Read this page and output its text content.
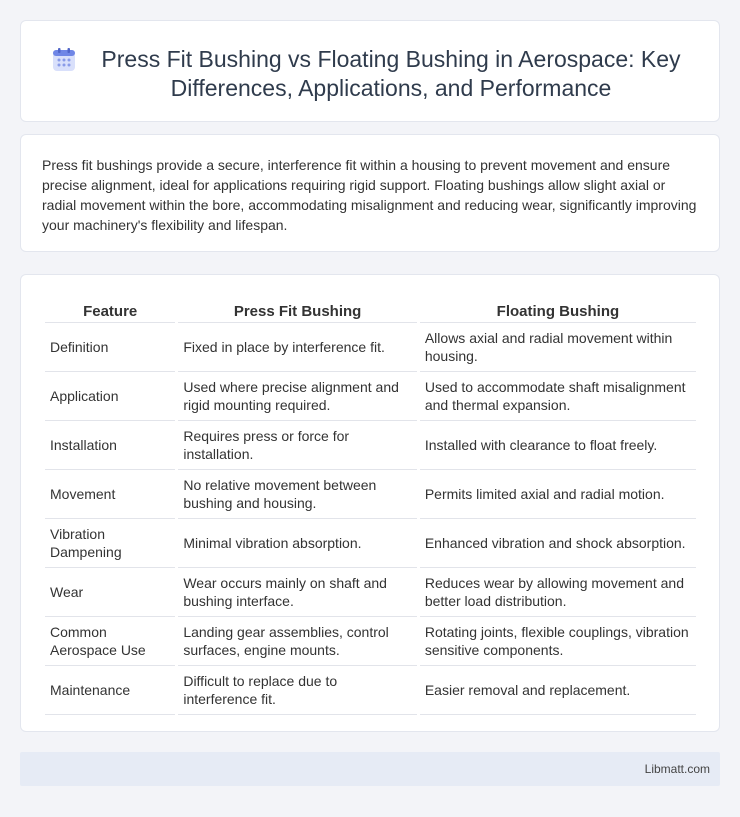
Press Fit Bushing vs Floating Bushing in Aerospace: Key Differences, Applications, and Performance

Press fit bushings provide a secure, interference fit within a housing to prevent movement and ensure precise alignment, ideal for applications requiring rigid support. Floating bushings allow slight axial or radial movement within the bore, accommodating misalignment and reducing wear, significantly improving your machinery's flexibility and lifespan.

Feature	Press Fit Bushing	Floating Bushing
Definition	Fixed in place by interference fit.	Allows axial and radial movement within housing.
Application	Used where precise alignment and rigid mounting required.	Used to accommodate shaft misalignment and thermal expansion.
Installation	Requires press or force for installation.	Installed with clearance to float freely.
Movement	No relative movement between bushing and housing.	Permits limited axial and radial motion.
Vibration Dampening	Minimal vibration absorption.	Enhanced vibration and shock absorption.
Wear	Wear occurs mainly on shaft and bushing interface.	Reduces wear by allowing movement and better load distribution.
Common Aerospace Use	Landing gear assemblies, control surfaces, engine mounts.	Rotating joints, flexible couplings, vibration sensitive components.
Maintenance	Difficult to replace due to interference fit.	Easier removal and replacement.
Libmatt.com
